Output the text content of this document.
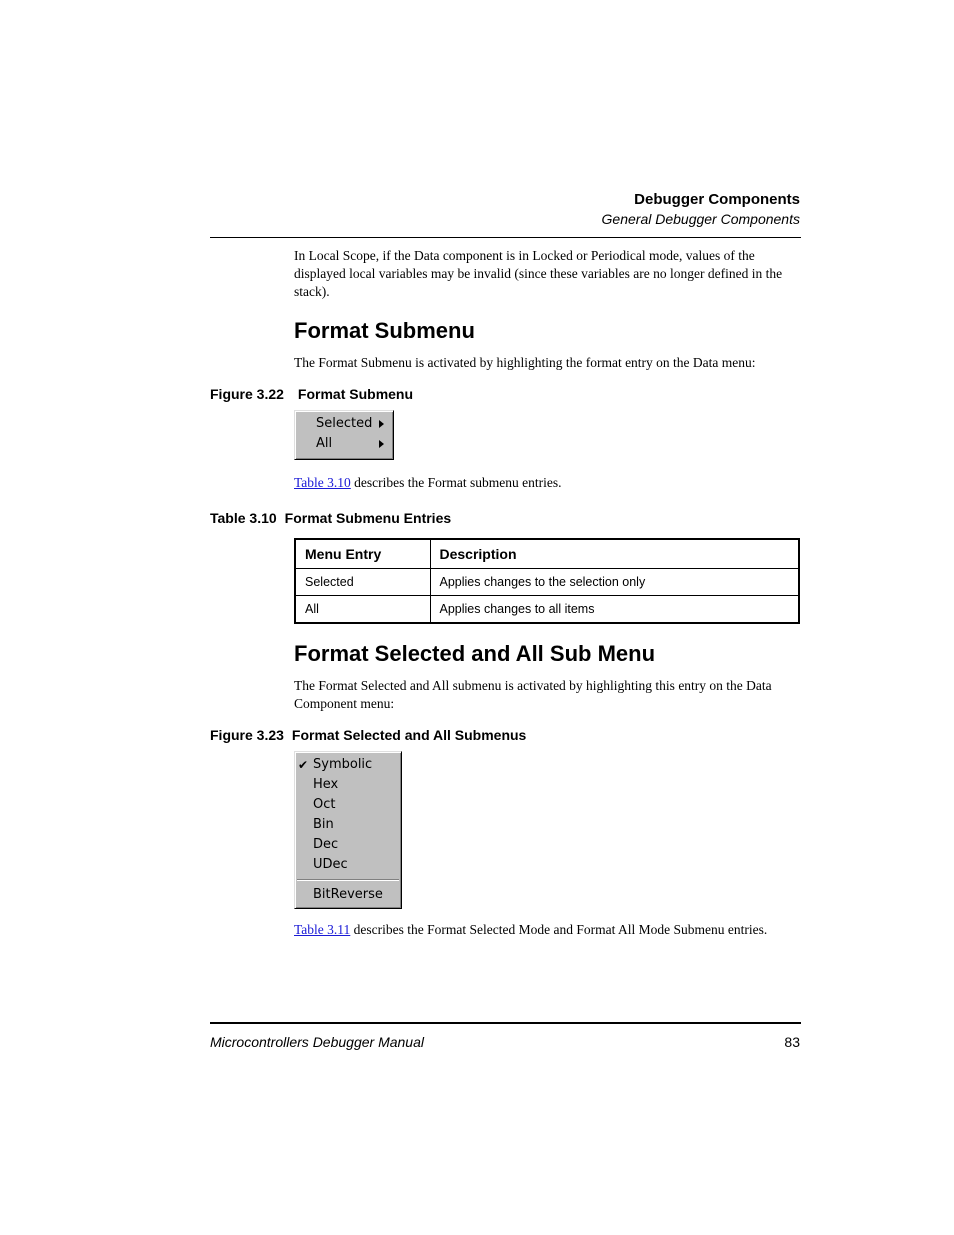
Debugger Components
General Debugger Components
In Local Scope, if the Data component is in Locked or Periodical mode, values of the displayed local variables may be invalid (since these variables are no longer defined in the stack).
Format Submenu
The Format Submenu is activated by highlighting the format entry on the Data menu:
Figure 3.22 Format Submenu
Selected
All
Table 3.10 describes the Format submenu entries.
Table 3.10 Format Submenu Entries
Menu Entry	Description
Selected	Applies changes to the selection only
All	Applies changes to all items
Format Selected and All Sub Menu
The Format Selected and All submenu is activated by highlighting this entry on the Data Component menu:
Figure 3.23 Format Selected and All Submenus
✔ Symbolic
Hex
Oct
Bin
Dec
UDec
BitReverse
Table 3.11 describes the Format Selected Mode and Format All Mode Submenu entries.
Microcontrollers Debugger Manual	83
